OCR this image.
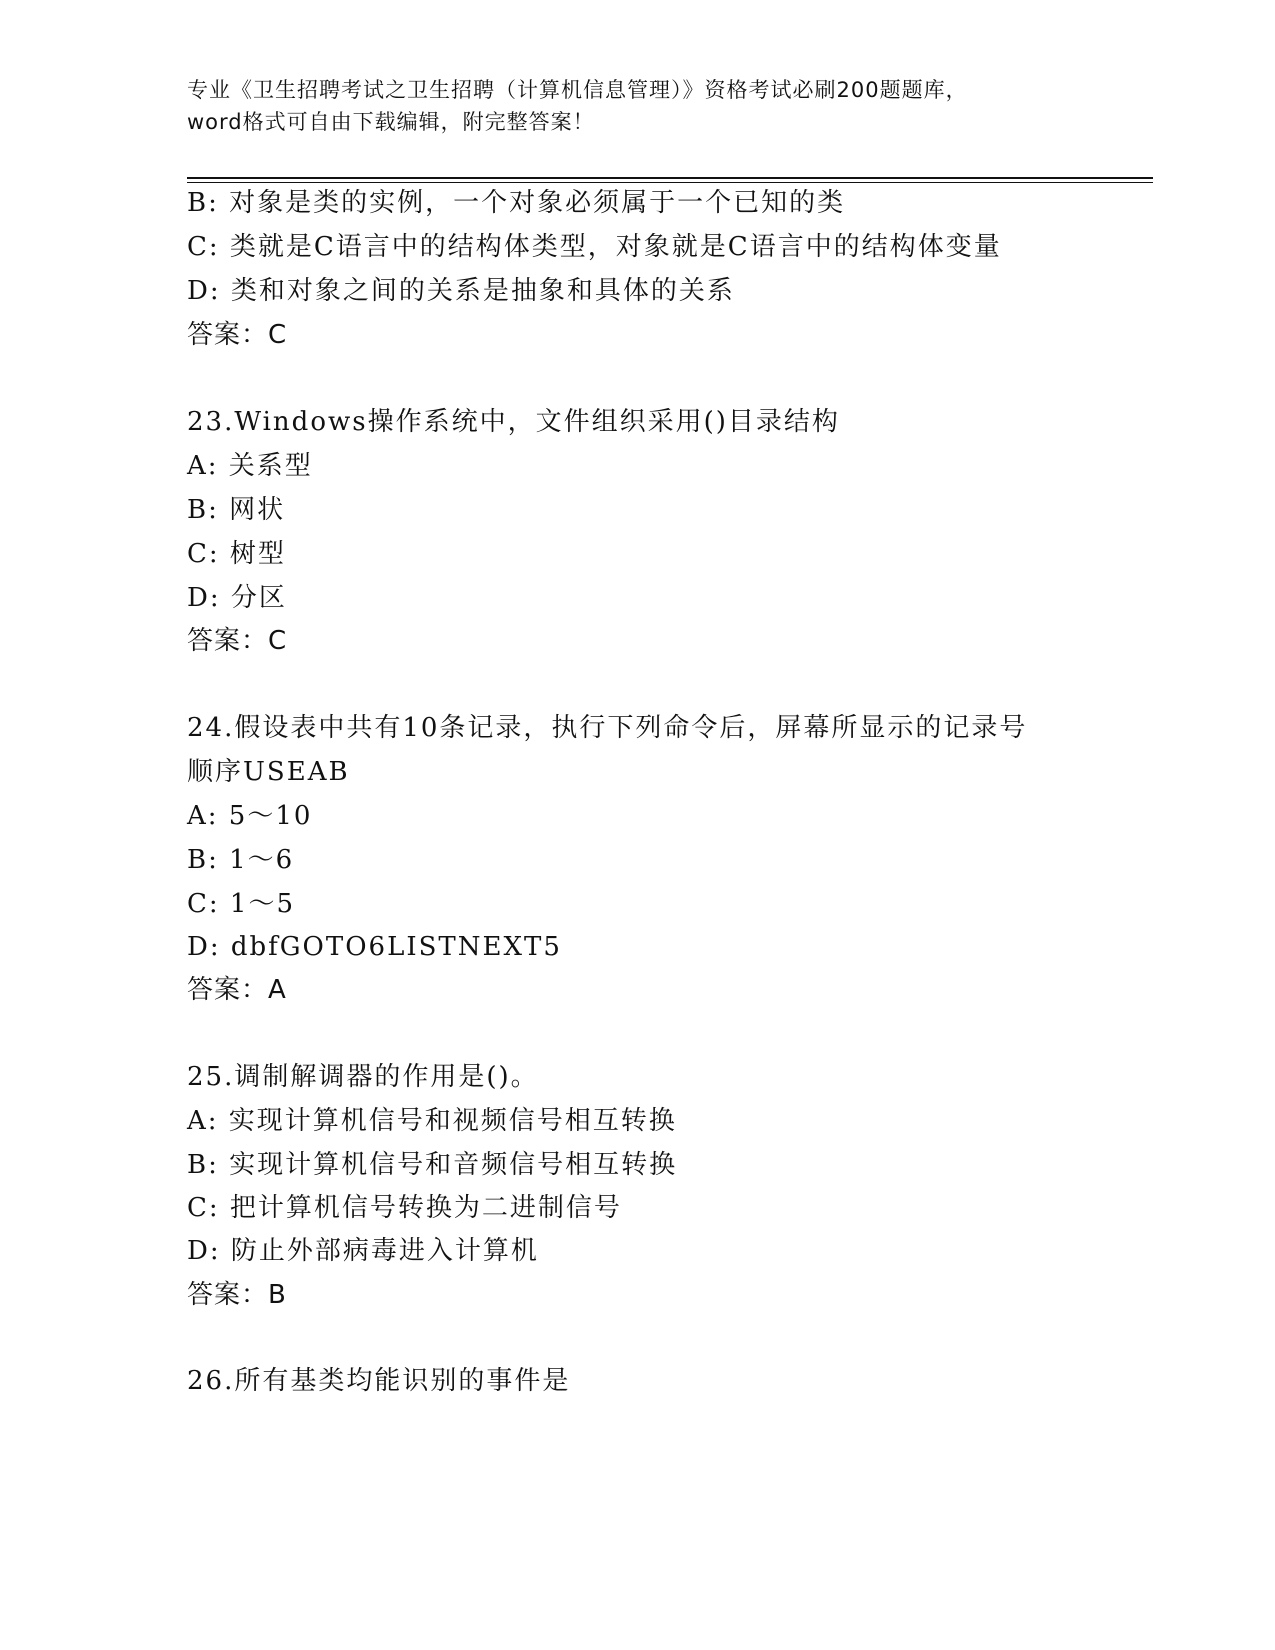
专业《卫生招聘考试之卫生招聘（计算机信息管理）》资格考试必刷200题题库，
word格式可自由下载编辑，附完整答案！
B: 对象是类的实例，一个对象必须属于一个已知的类
C: 类就是C语言中的结构体类型，对象就是C语言中的结构体变量
D: 类和对象之间的关系是抽象和具体的关系
答案：C
23.Windows操作系统中，文件组织采用()目录结构
A: 关系型
B: 网状
C: 树型
D: 分区
答案：C
24.假设表中共有10条记录，执行下列命令后，屏幕所显示的记录号
顺序USEAB
A: 5～10
B: 1～6
C: 1～5
D: dbfGOTO6LISTNEXT5
答案：A
25.调制解调器的作用是()。
A: 实现计算机信号和视频信号相互转换
B: 实现计算机信号和音频信号相互转换
C: 把计算机信号转换为二进制信号
D: 防止外部病毒进入计算机
答案：B
26.所有基类均能识别的事件是
